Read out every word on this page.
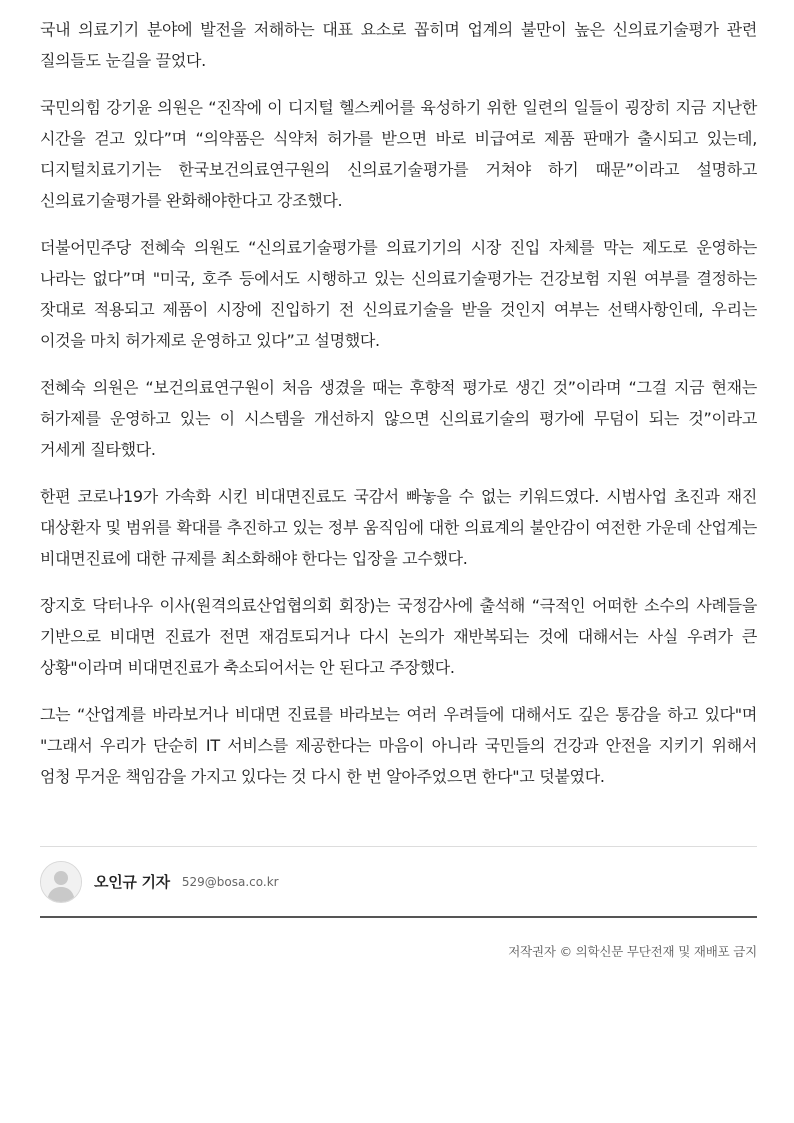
국내 의료기기 분야에 발전을 저해하는 대표 요소로 꼽히며 업계의 불만이 높은 신의료기술평가 관련 질의들도 눈길을 끌었다.

국민의힘 강기윤 의원은 “진작에 이 디지털 헬스케어를 육성하기 위한 일련의 일들이 굉장히 지금 지난한 시간을 걷고 있다”며 “의약품은 식약처 허가를 받으면 바로 비급여로 제품 판매가 출시되고 있는데, 디지털치료기기는 한국보건의료연구원의 신의료기술평가를 거쳐야 하기 때문”이라고 설명하고 신의료기술평가를 완화해야한다고 강조했다.

더불어민주당 전혜숙 의원도 “신의료기술평가를 의료기기의 시장 진입 자체를 막는 제도로 운영하는 나라는 없다”며 "미국, 호주 등에서도 시행하고 있는 신의료기술평가는 건강보험 지원 여부를 결정하는 잣대로 적용되고 제품이 시장에 진입하기 전 신의료기술을 받을 것인지 여부는 선택사항인데, 우리는 이것을 마치 허가제로 운영하고 있다”고 설명했다.

전혜숙 의원은 “보건의료연구원이 처음 생겼을 때는 후향적 평가로 생긴 것”이라며 “그걸 지금 현재는 허가제를 운영하고 있는 이 시스템을 개선하지 않으면 신의료기술의 평가에 무덤이 되는 것”이라고 거세게 질타했다.

한편 코로나19가 가속화 시킨 비대면진료도 국감서 빠놓을 수 없는 키워드였다. 시범사업 초진과 재진 대상환자 및 범위를 확대를 추진하고 있는 정부 움직임에 대한 의료계의 불안감이 여전한 가운데 산업계는 비대면진료에 대한 규제를 최소화해야 한다는 입장을 고수했다.

장지호 닥터나우 이사(원격의료산업협의회 회장)는 국정감사에 출석해 “극적인 어떠한 소수의 사례들을 기반으로 비대면 진료가 전면 재검토되거나 다시 논의가 재반복되는 것에 대해서는 사실 우려가 큰 상황"이라며 비대면진료가 축소되어서는 안 된다고 주장했다.

그는 “산업계를 바라보거나 비대면 진료를 바라보는 여러 우려들에 대해서도 깊은 통감을 하고 있다"며 "그래서 우리가 단순히 IT 서비스를 제공한다는 마음이 아니라 국민들의 건강과 안전을 지키기 위해서 엄청 무거운 책임감을 가지고 있다는 것 다시 한 번 알아주었으면 한다"고 덧붙였다.

오인규 기자 529@bosa.co.kr
저작권자 © 의학신문 무단전재 및 재배포 금지
